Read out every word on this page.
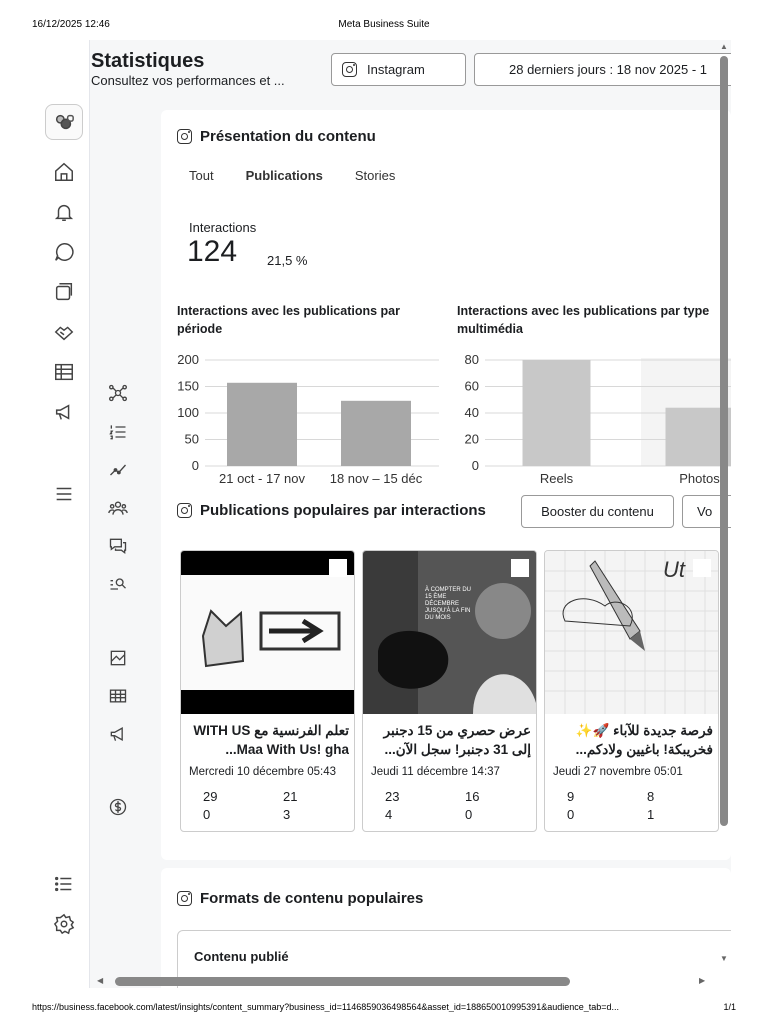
16/12/2025 12:46	Meta Business Suite
Statistiques
Consultez vos performances et ...
Instagram	28 derniers jours : 18 nov 2025 - 1
Présentation du contenu
Tout Publications Stories
Interactions
124 21,5 %
Interactions avec les publications par période
Interactions avec les publications par type multimédia
0
50
100
150
200
21 oct - 17 nov 18 nov – 15 déc
0
20
40
60
80
Reels	Photos
Publications populaires par interactions	Booster du contenu	Vo
تعلم الفرنسية مع WITH US Maa With Us! gha...
Mercredi 10 décembre 05:43
29	21
0	3
À COMPTER DU 15 ÈME DÉCEMBRE JUSQU'À LA FIN DU MOIS
عرض حصري من 15 دجنبر إلى 31 دجنبر! سجل الآن...
Jeudi 11 décembre 14:37
23	16
4	0
Ut
فرصة جديدة للآباء 🚀✨ فخريبكة! باغيين ولادكم...
Jeudi 27 novembre 05:01
9	8
0	1
Formats de contenu populaires
Contenu publié
▲
▼
◀	▶
https://business.facebook.com/latest/insights/content_summary?business_id=1146859036498564&asset_id=188650010995391&audience_tab=d...	1/1
